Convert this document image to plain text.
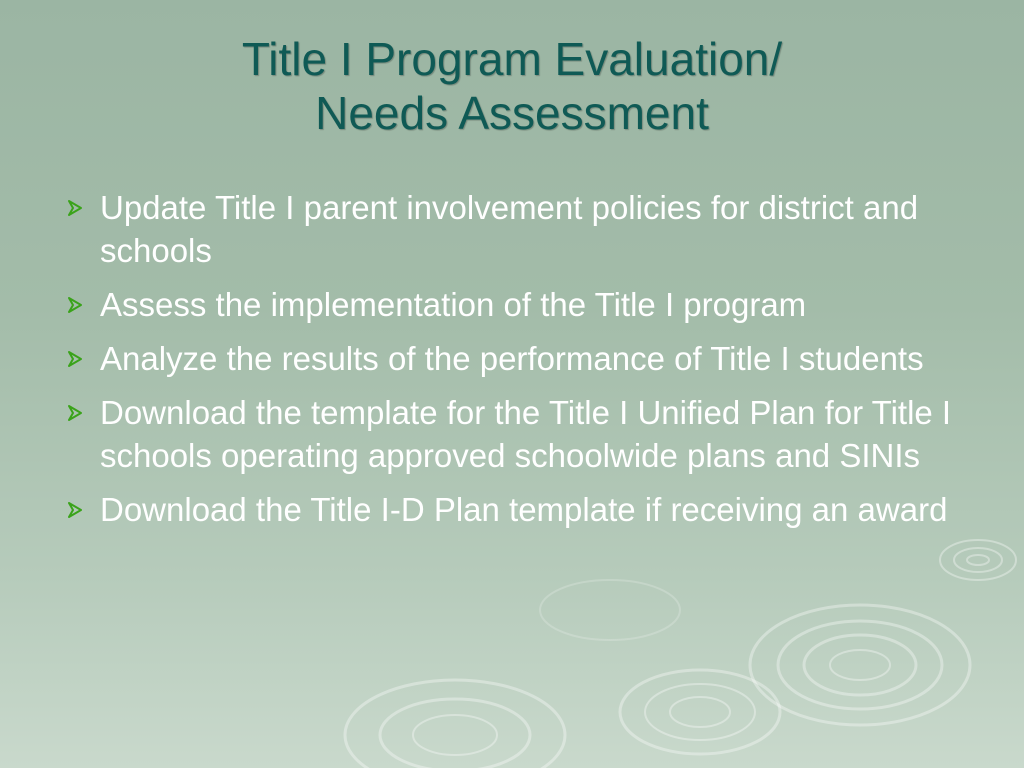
Title I Program Evaluation/
Needs Assessment
Update Title I parent involvement policies for district and schools
Assess the implementation of the Title I program
Analyze the results of the performance of Title I students
Download the template for the Title I Unified Plan for Title I schools operating approved schoolwide plans and SINIs
Download the Title I-D Plan template if receiving an award
